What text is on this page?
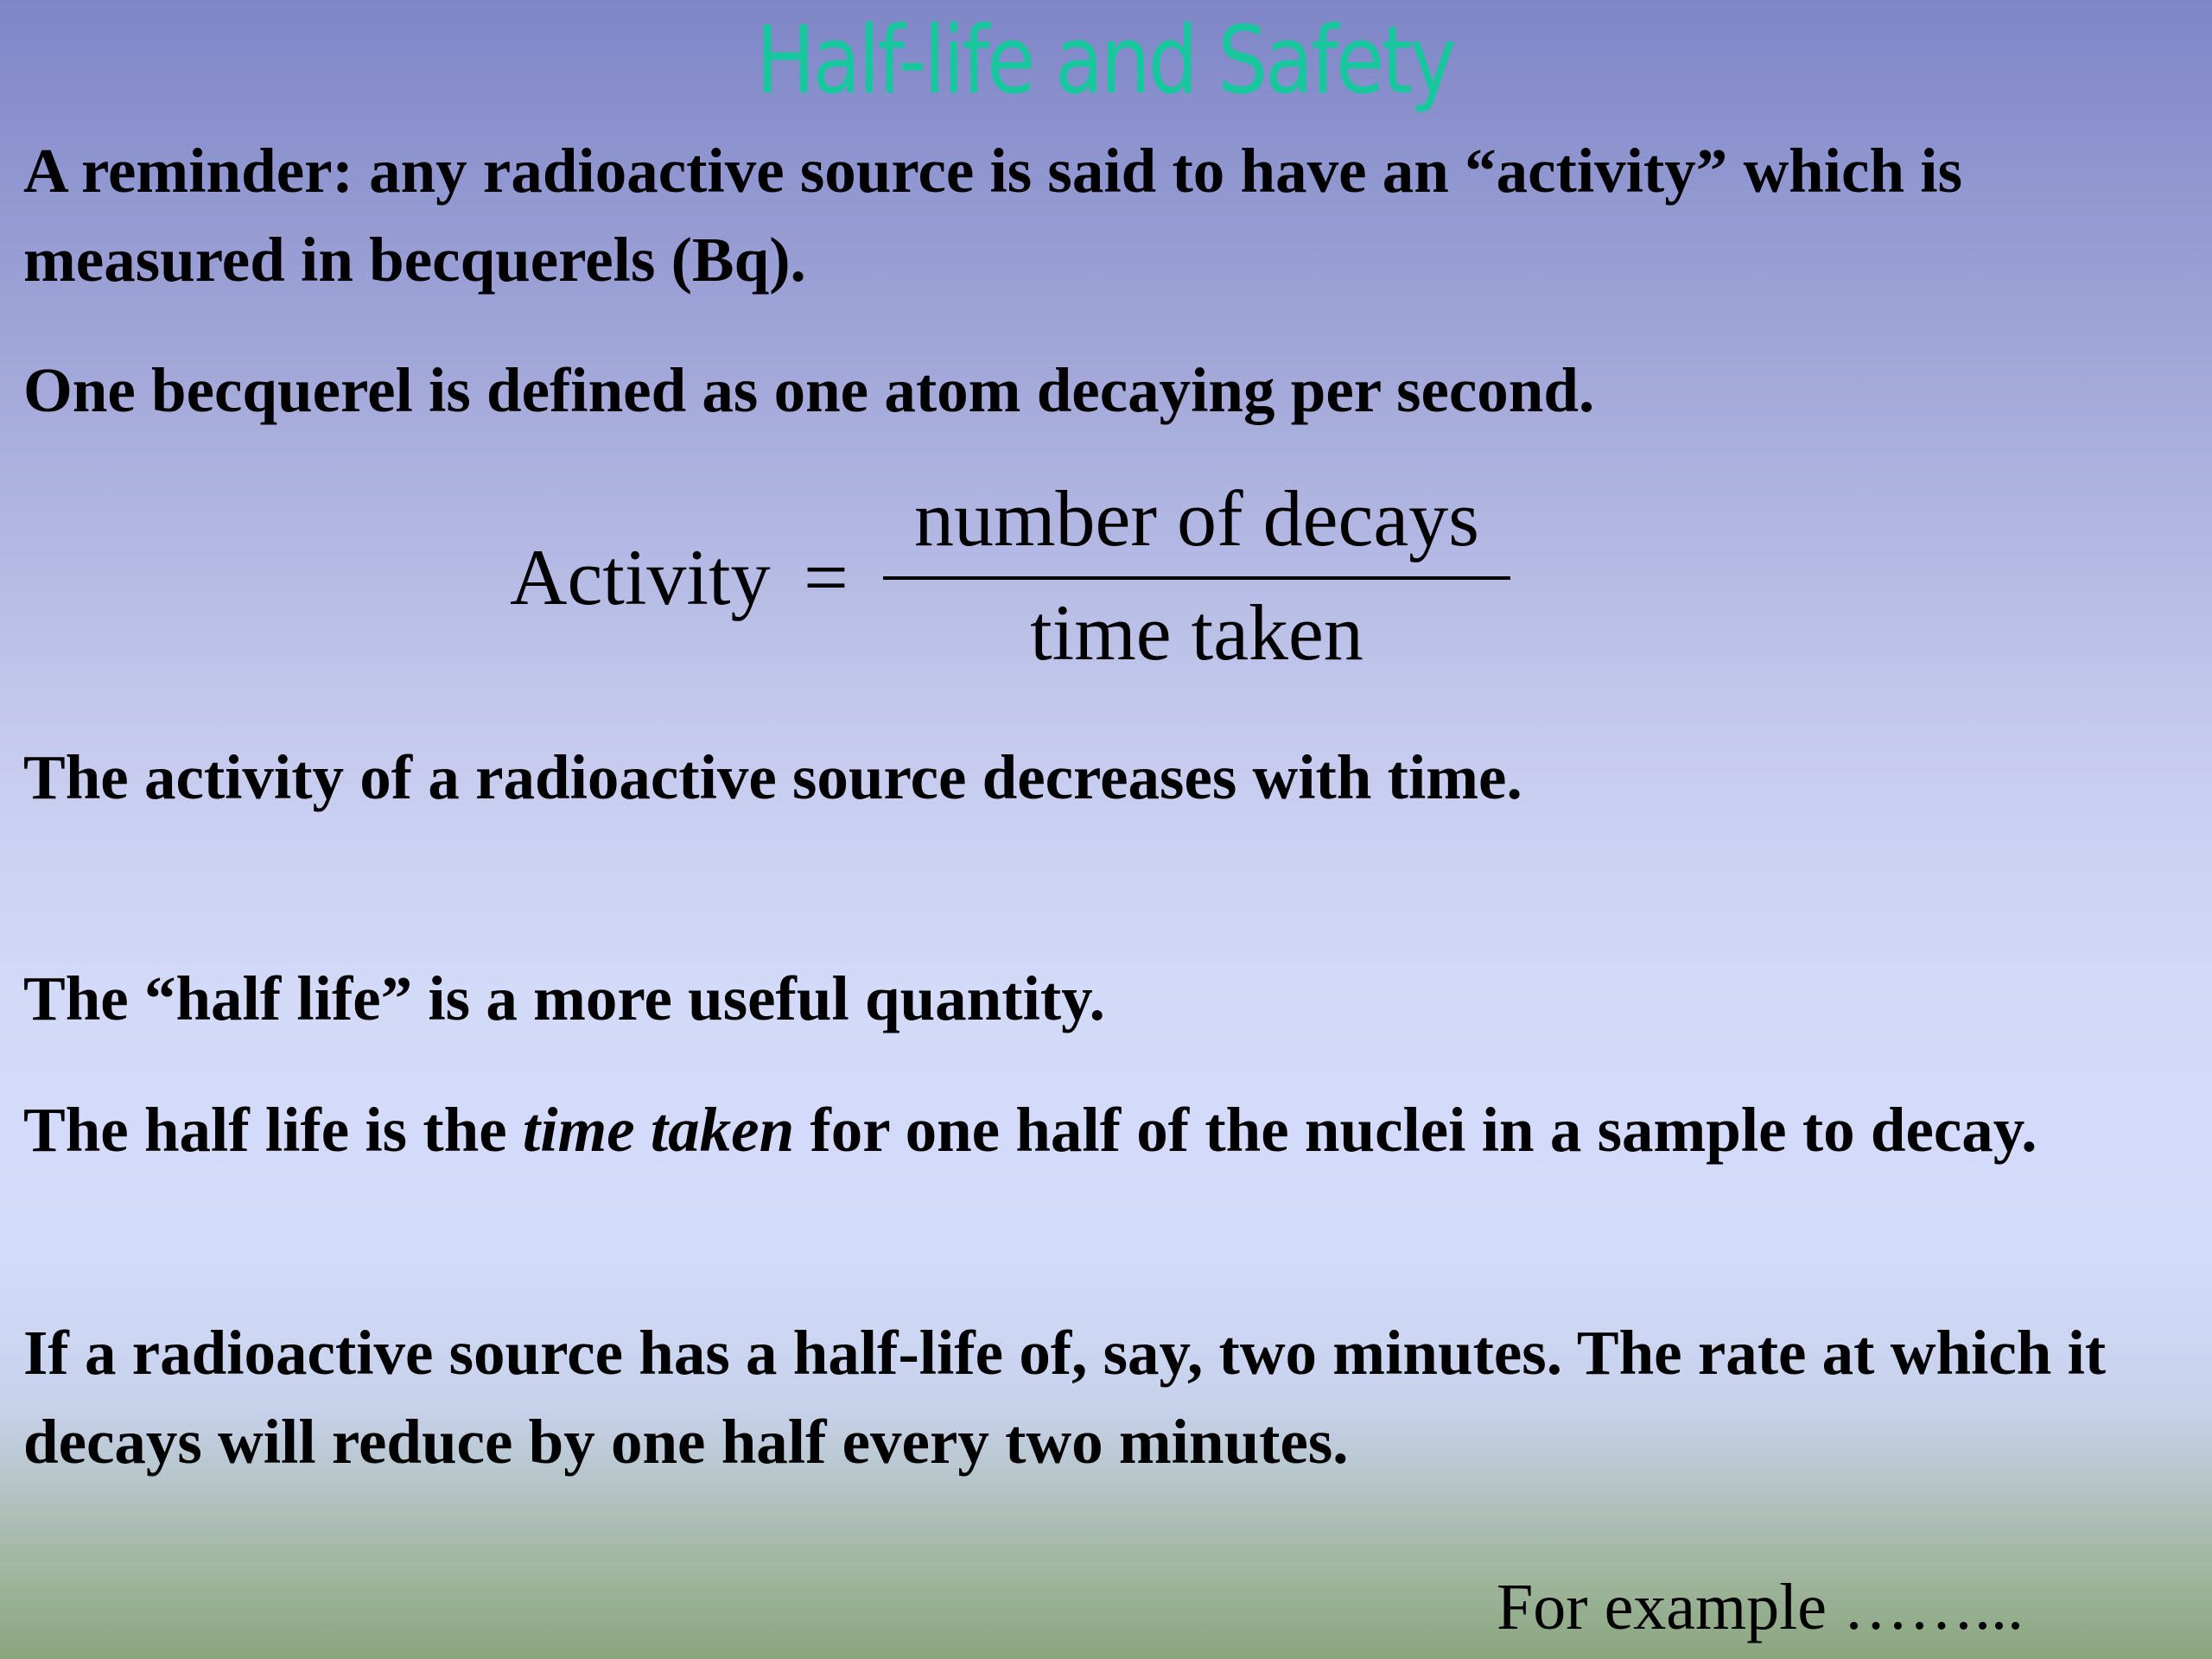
Half-life and Safety

A reminder: any radioactive source is said to have an “activity” which is measured in becquerels (Bq).

One becquerel is defined as one atom decaying per second.

Activity =
number of decays
time taken

The activity of a radioactive source decreases with time.

The “half life” is a more useful quantity.

The half life is the time taken for one half of the nuclei in a sample to decay.

If a radioactive source has a half-life of, say, two minutes. The rate at which it decays will reduce by one half every two minutes.

For example ……...
